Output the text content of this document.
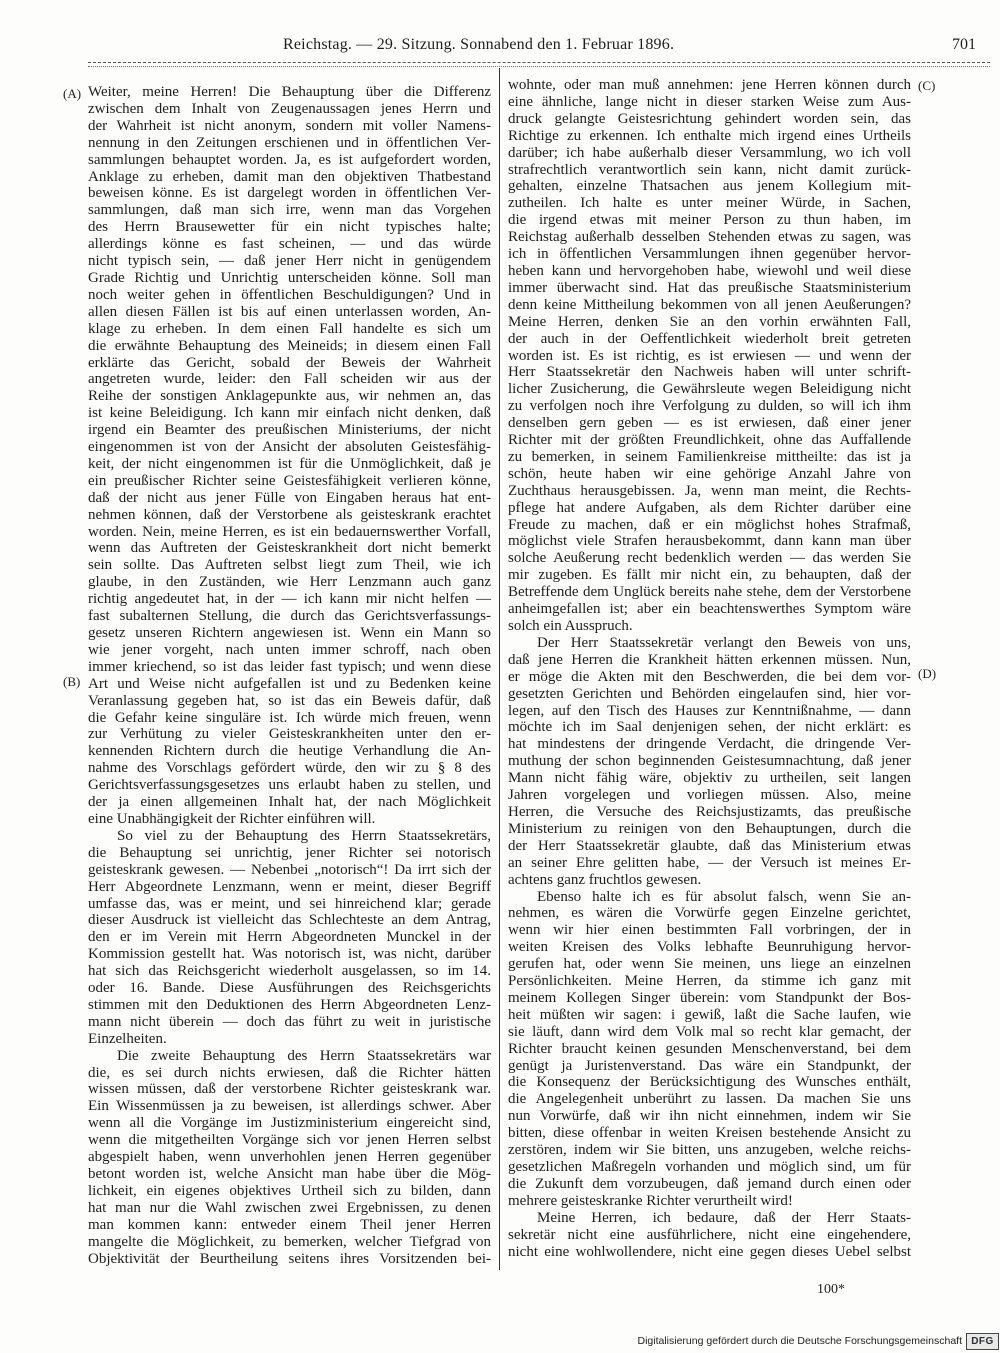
Reichstag. — 29. Sitzung. Sonnabend den 1. Februar 1896.	701
(A)
(B)
(C)
(D)
Weiter, meine Herren! Die Behauptung über die Differenz
zwischen dem Inhalt von Zeugenaussagen jenes Herrn und
der Wahrheit ist nicht anonym, sondern mit voller Namens-
nennung in den Zeitungen erschienen und in öffentlichen Ver-
sammlungen behauptet worden. Ja, es ist aufgefordert worden,
Anklage zu erheben, damit man den objektiven Thatbestand
beweisen könne. Es ist dargelegt worden in öffentlichen Ver-
sammlungen, daß man sich irre, wenn man das Vorgehen
des Herrn Brausewetter für ein nicht typisches halte;
allerdings könne es fast scheinen, — und das würde
nicht typisch sein, — daß jener Herr nicht in genügendem
Grade Richtig und Unrichtig unterscheiden könne. Soll man
noch weiter gehen in öffentlichen Beschuldigungen? Und in
allen diesen Fällen ist bis auf einen unterlassen worden, An-
klage zu erheben. In dem einen Fall handelte es sich um
die erwähnte Behauptung des Meineids; in diesem einen Fall
erklärte das Gericht, sobald der Beweis der Wahrheit
angetreten wurde, leider: den Fall scheiden wir aus der
Reihe der sonstigen Anklagepunkte aus, wir nehmen an, das
ist keine Beleidigung. Ich kann mir einfach nicht denken, daß
irgend ein Beamter des preußischen Ministeriums, der nicht
eingenommen ist von der Ansicht der absoluten Geistesfähig-
keit, der nicht eingenommen ist für die Unmöglichkeit, daß je
ein preußischer Richter seine Geistesfähigkeit verlieren könne,
daß der nicht aus jener Fülle von Eingaben heraus hat ent-
nehmen können, daß der Verstorbene als geisteskrank erachtet
worden. Nein, meine Herren, es ist ein bedauernswerther Vorfall,
wenn das Auftreten der Geisteskrankheit dort nicht bemerkt
sein sollte. Das Auftreten selbst liegt zum Theil, wie ich
glaube, in den Zuständen, wie Herr Lenzmann auch ganz
richtig angedeutet hat, in der — ich kann mir nicht helfen —
fast subalternen Stellung, die durch das Gerichtsverfassungs-
gesetz unseren Richtern angewiesen ist. Wenn ein Mann so
wie jener vorgeht, nach unten immer schroff, nach oben
immer kriechend, so ist das leider fast typisch; und wenn diese
Art und Weise nicht aufgefallen ist und zu Bedenken keine
Veranlassung gegeben hat, so ist das ein Beweis dafür, daß
die Gefahr keine singuläre ist. Ich würde mich freuen, wenn
zur Verhütung zu vieler Geisteskrankheiten unter den er-
kennenden Richtern durch die heutige Verhandlung die An-
nahme des Vorschlags gefördert würde, den wir zu § 8 des
Gerichtsverfassungsgesetzes uns erlaubt haben zu stellen, und
der ja einen allgemeinen Inhalt hat, der nach Möglichkeit
eine Unabhängigkeit der Richter einführen will.
So viel zu der Behauptung des Herrn Staatssekretärs,
die Behauptung sei unrichtig, jener Richter sei notorisch
geisteskrank gewesen. — Nebenbei „notorisch“! Da irrt sich der
Herr Abgeordnete Lenzmann, wenn er meint, dieser Begriff
umfasse das, was er meint, und sei hinreichend klar; gerade
dieser Ausdruck ist vielleicht das Schlechteste an dem Antrag,
den er im Verein mit Herrn Abgeordneten Munckel in der
Kommission gestellt hat. Was notorisch ist, was nicht, darüber
hat sich das Reichsgericht wiederholt ausgelassen, so im 14.
oder 16. Bande. Diese Ausführungen des Reichsgerichts
stimmen mit den Deduktionen des Herrn Abgeordneten Lenz-
mann nicht überein — doch das führt zu weit in juristische
Einzelheiten.
Die zweite Behauptung des Herrn Staatssekretärs war
die, es sei durch nichts erwiesen, daß die Richter hätten
wissen müssen, daß der verstorbene Richter geisteskrank war.
Ein Wissenmüssen ja zu beweisen, ist allerdings schwer. Aber
wenn all die Vorgänge im Justizministerium eingereicht sind,
wenn die mitgetheilten Vorgänge sich vor jenen Herren selbst
abgespielt haben, wenn unverhohlen jenen Herren gegenüber
betont worden ist, welche Ansicht man habe über die Mög-
lichkeit, ein eigenes objektives Urtheil sich zu bilden, dann
hat man nur die Wahl zwischen zwei Ergebnissen, zu denen
man kommen kann: entweder einem Theil jener Herren
mangelte die Möglichkeit, zu bemerken, welcher Tiefgrad von
Objektivität der Beurtheilung seitens ihres Vorsitzenden bei-
wohnte, oder man muß annehmen: jene Herren können durch
eine ähnliche, lange nicht in dieser starken Weise zum Aus-
druck gelangte Geistesrichtung gehindert worden sein, das
Richtige zu erkennen. Ich enthalte mich irgend eines Urtheils
darüber; ich habe außerhalb dieser Versammlung, wo ich voll
strafrechtlich verantwortlich sein kann, nicht damit zurück-
gehalten, einzelne Thatsachen aus jenem Kollegium mit-
zutheilen. Ich halte es unter meiner Würde, in Sachen,
die irgend etwas mit meiner Person zu thun haben, im
Reichstag außerhalb desselben Stehenden etwas zu sagen, was
ich in öffentlichen Versammlungen ihnen gegenüber hervor-
heben kann und hervorgehoben habe, wiewohl und weil diese
immer überwacht sind. Hat das preußische Staatsministerium
denn keine Mittheilung bekommen von all jenen Aeußerungen?
Meine Herren, denken Sie an den vorhin erwähnten Fall,
der auch in der Oeffentlichkeit wiederholt breit getreten
worden ist. Es ist richtig, es ist erwiesen — und wenn der
Herr Staatssekretär den Nachweis haben will unter schrift-
licher Zusicherung, die Gewährsleute wegen Beleidigung nicht
zu verfolgen noch ihre Verfolgung zu dulden, so will ich ihm
denselben gern geben — es ist erwiesen, daß einer jener
Richter mit der größten Freundlichkeit, ohne das Auffallende
zu bemerken, in seinem Familienkreise mittheilte: das ist ja
schön, heute haben wir eine gehörige Anzahl Jahre von
Zuchthaus herausgebissen. Ja, wenn man meint, die Rechts-
pflege hat andere Aufgaben, als dem Richter darüber eine
Freude zu machen, daß er ein möglichst hohes Strafmaß,
möglichst viele Strafen herausbekommt, dann kann man über
solche Aeußerung recht bedenklich werden — das werden Sie
mir zugeben. Es fällt mir nicht ein, zu behaupten, daß der
Betreffende dem Unglück bereits nahe stehe, dem der Verstorbene
anheimgefallen ist; aber ein beachtenswerthes Symptom wäre
solch ein Ausspruch.
Der Herr Staatssekretär verlangt den Beweis von uns,
daß jene Herren die Krankheit hätten erkennen müssen. Nun,
er möge die Akten mit den Beschwerden, die bei dem vor-
gesetzten Gerichten und Behörden eingelaufen sind, hier vor-
legen, auf den Tisch des Hauses zur Kenntnißnahme, — dann
möchte ich im Saal denjenigen sehen, der nicht erklärt: es
hat mindestens der dringende Verdacht, die dringende Ver-
muthung der schon beginnenden Geistesumnachtung, daß jener
Mann nicht fähig wäre, objektiv zu urtheilen, seit langen
Jahren vorgelegen und vorliegen müssen. Also, meine
Herren, die Versuche des Reichsjustizamts, das preußische
Ministerium zu reinigen von den Behauptungen, durch die
der Herr Staatssekretär glaubte, daß das Ministerium etwas
an seiner Ehre gelitten habe, — der Versuch ist meines Er-
achtens ganz fruchtlos gewesen.
Ebenso halte ich es für absolut falsch, wenn Sie an-
nehmen, es wären die Vorwürfe gegen Einzelne gerichtet,
wenn wir hier einen bestimmten Fall vorbringen, der in
weiten Kreisen des Volks lebhafte Beunruhigung hervor-
gerufen hat, oder wenn Sie meinen, uns liege an einzelnen
Persönlichkeiten. Meine Herren, da stimme ich ganz mit
meinem Kollegen Singer überein: vom Standpunkt der Bos-
heit müßten wir sagen: i gewiß, laßt die Sache laufen, wie
sie läuft, dann wird dem Volk mal so recht klar gemacht, der
Richter braucht keinen gesunden Menschenverstand, bei dem
genügt ja Juristenverstand. Das wäre ein Standpunkt, der
die Konsequenz der Berücksichtigung des Wunsches enthält,
die Angelegenheit unberührt zu lassen. Da machen Sie uns
nun Vorwürfe, daß wir ihn nicht einnehmen, indem wir Sie
bitten, diese offenbar in weiten Kreisen bestehende Ansicht zu
zerstören, indem wir Sie bitten, uns anzugeben, welche reichs-
gesetzlichen Maßregeln vorhanden und möglich sind, um für
die Zukunft dem vorzubeugen, daß jemand durch einen oder
mehrere geisteskranke Richter verurtheilt wird!
Meine Herren, ich bedaure, daß der Herr Staats-
sekretär nicht eine ausführlichere, nicht eine eingehendere,
nicht eine wohlwollendere, nicht eine gegen dieses Uebel selbst
100*
Digitalisierung gefördert durch die Deutsche Forschungsgemeinschaft DFG
